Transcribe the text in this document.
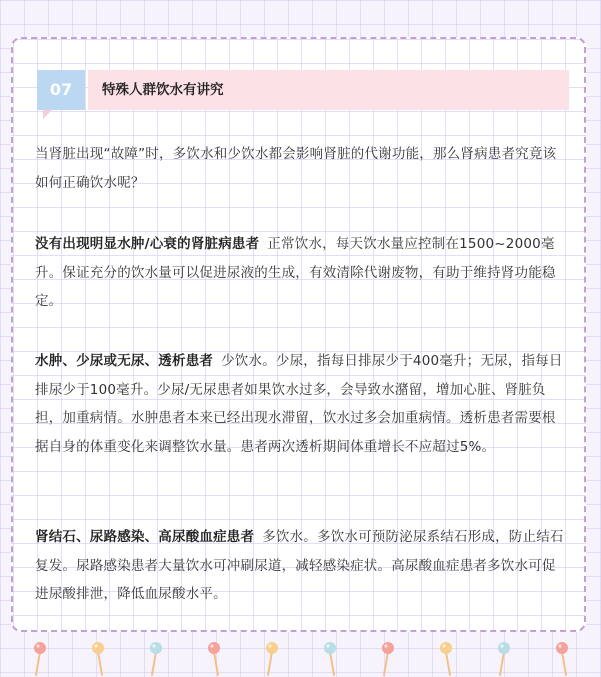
07	特殊人群饮水有讲究

当肾脏出现“故障”时，多饮水和少饮水都会影响肾脏的代谢功能，那么肾病患者究竟该如何正确饮水呢？

没有出现明显水肿/心衰的肾脏病患者 正常饮水，每天饮水量应控制在1500~2000毫升。保证充分的饮水量可以促进尿液的生成，有效清除代谢废物，有助于维持肾功能稳定。

水肿、少尿或无尿、透析患者 少饮水。少尿，指每日排尿少于400毫升；无尿，指每日排尿少于100毫升。少尿/无尿患者如果饮水过多，会导致水潴留，增加心脏、肾脏负担，加重病情。水肿患者本来已经出现水滞留，饮水过多会加重病情。透析患者需要根据自身的体重变化来调整饮水量。患者两次透析期间体重增长不应超过5%。

肾结石、尿路感染、高尿酸血症患者 多饮水。多饮水可预防泌尿系结石形成，防止结石复发。尿路感染患者大量饮水可冲刷尿道，减轻感染症状。高尿酸血症患者多饮水可促进尿酸排泄，降低血尿酸水平。
